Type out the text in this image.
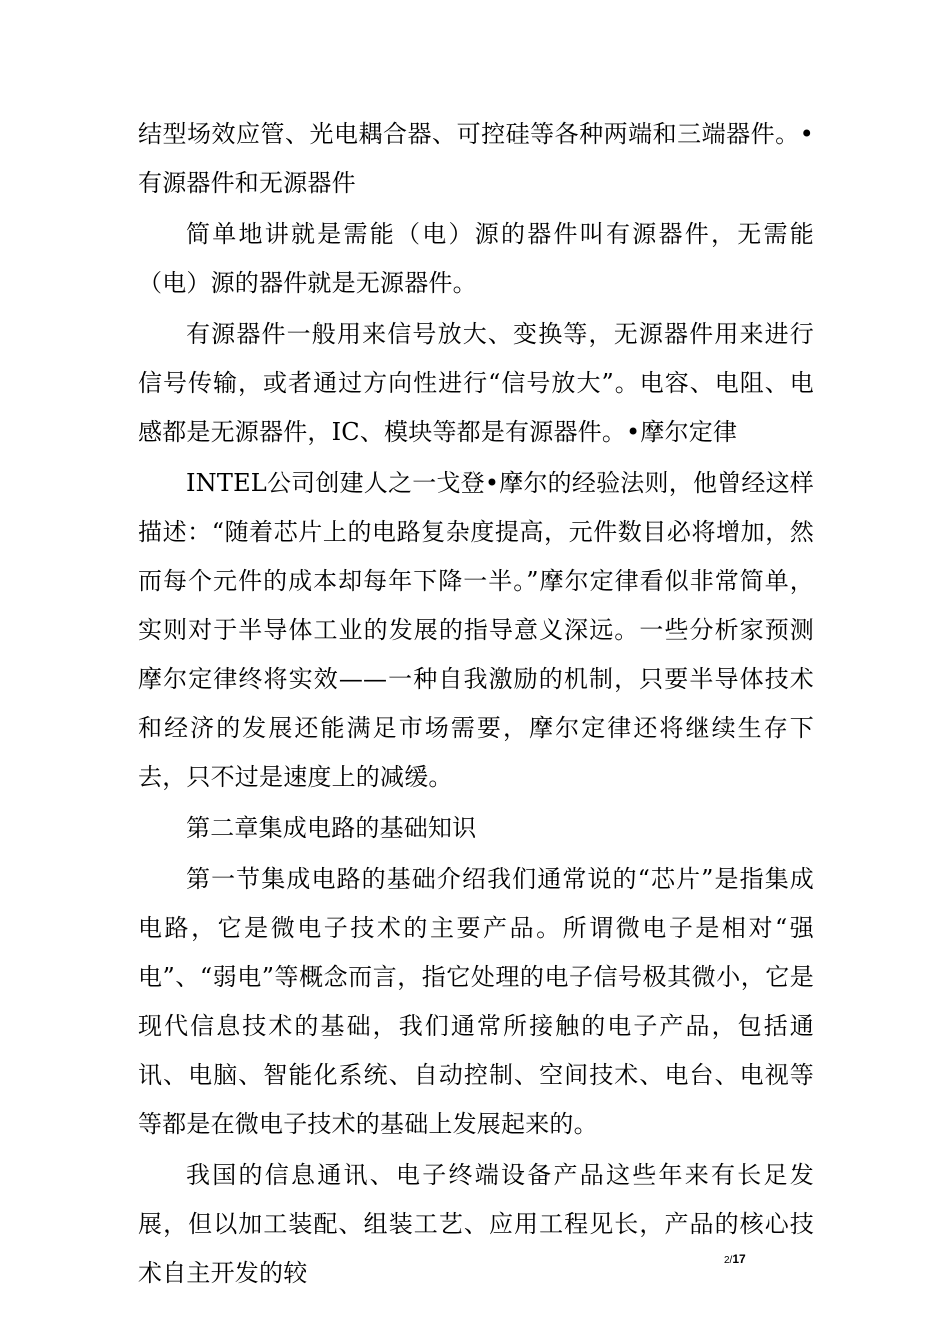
结型场效应管、光电耦合器、可控硅等各种两端和三端器件。•有源器件和无源器件

简单地讲就是需能（电）源的器件叫有源器件，无需能（电）源的器件就是无源器件。

有源器件一般用来信号放大、变换等，无源器件用来进行信号传输，或者通过方向性进行“信号放大”。电容、电阻、电感都是无源器件，IC、模块等都是有源器件。•摩尔定律

INTEL公司创建人之一戈登•摩尔的经验法则，他曾经这样描述：“随着芯片上的电路复杂度提高，元件数目必将增加，然而每个元件的成本却每年下降一半。”摩尔定律看似非常简单，实则对于半导体工业的发展的指导意义深远。一些分析家预测摩尔定律终将实效——一种自我激励的机制，只要半导体技术和经济的发展还能满足市场需要，摩尔定律还将继续生存下去，只不过是速度上的减缓。

第二章集成电路的基础知识

第一节集成电路的基础介绍我们通常说的“芯片”是指集成电路，它是微电子技术的主要产品。所谓微电子是相对“强电”、“弱电”等概念而言，指它处理的电子信号极其微小，它是现代信息技术的基础，我们通常所接触的电子产品，包括通讯、电脑、智能化系统、自动控制、空间技术、电台、电视等等都是在微电子技术的基础上发展起来的。

我国的信息通讯、电子终端设备产品这些年来有长足发展，但以加工装配、组装工艺、应用工程见长，产品的核心技术自主开发的较	2/17
